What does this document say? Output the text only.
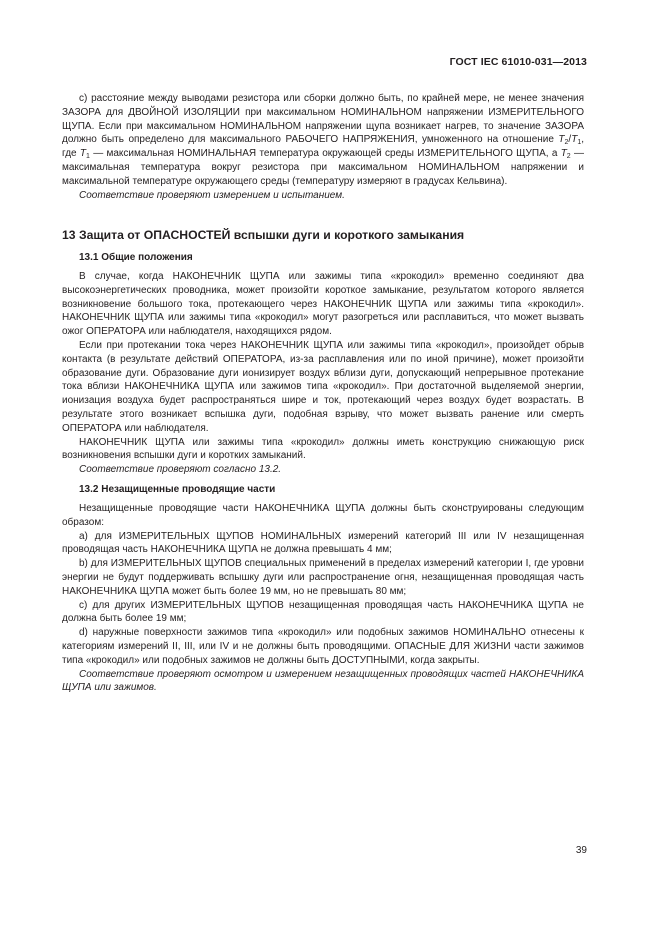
ГОСТ IEC 61010-031—2013

c) расстояние между выводами резистора или сборки должно быть, по крайней мере, не менее значения ЗАЗОРА для ДВОЙНОЙ ИЗОЛЯЦИИ при максимальном НОМИНАЛЬНОМ напряжении ИЗМЕРИТЕЛЬНОГО ЩУПА. Если при максимальном НОМИНАЛЬНОМ напряжении щупа возникает нагрев, то значение ЗАЗОРА должно быть определено для максимального РАБОЧЕГО НАПРЯЖЕНИЯ, умноженного на отношение $T_2/T_1$, где $T_1$ — максимальная НОМИНАЛЬНАЯ температура окружающей среды ИЗМЕРИТЕЛЬНОГО ЩУПА, а $T_2$ — максимальная температура вокруг резистора при максимальном НОМИНАЛЬНОМ напряжении и максимальной температуре окружающего среды (температуру измеряют в градусах Кельвина).

Соответствие проверяют измерением и испытанием.

13 Защита от ОПАСНОСТЕЙ вспышки дуги и короткого замыкания
13.1 Общие положения

В случае, когда НАКОНЕЧНИК ЩУПА или зажимы типа «крокодил» временно соединяют два высокоэнергетических проводника, может произойти короткое замыкание, результатом которого является возникновение большого тока, протекающего через НАКОНЕЧНИК ЩУПА или зажимы типа «крокодил». НАКОНЕЧНИК ЩУПА или зажимы типа «крокодил» могут разогреться или расплавиться, что может вызвать ожог ОПЕРАТОРА или наблюдателя, находящихся рядом.

Если при протекании тока через НАКОНЕЧНИК ЩУПА или зажимы типа «крокодил», произойдет обрыв контакта (в результате действий ОПЕРАТОРА, из-за расплавления или по иной причине), может произойти образование дуги. Образование дуги ионизирует воздух вблизи дуги, допускающий непрерывное протекание тока вблизи НАКОНЕЧНИКА ЩУПА или зажимов типа «крокодил». При достаточной выделяемой энергии, ионизация воздуха будет распространяться шире и ток, протекающий через воздух будет возрастать. В результате этого возникает вспышка дуги, подобная взрыву, что может вызвать ранение или смерть ОПЕРАТОРА или наблюдателя.

НАКОНЕЧНИК ЩУПА или зажимы типа «крокодил» должны иметь конструкцию снижающую риск возникновения вспышки дуги и коротких замыканий.

Соответствие проверяют согласно 13.2.

13.2 Незащищенные проводящие части

Незащищенные проводящие части НАКОНЕЧНИКА ЩУПА должны быть сконструированы следующим образом:

а) для ИЗМЕРИТЕЛЬНЫХ ЩУПОВ НОМИНАЛЬНЫХ измерений категорий III или IV незащищенная проводящая часть НАКОНЕЧНИКА ЩУПА не должна превышать 4 мм;

b) для ИЗМЕРИТЕЛЬНЫХ ЩУПОВ специальных применений в пределах измерений категории I, где уровни энергии не будут поддерживать вспышку дуги или распространение огня, незащищенная проводящая часть НАКОНЕЧНИКА ЩУПА может быть более 19 мм, но не превышать 80 мм;

c) для других ИЗМЕРИТЕЛЬНЫХ ЩУПОВ незащищенная проводящая часть НАКОНЕЧНИКА ЩУПА не должна быть более 19 мм;

d) наружные поверхности зажимов типа «крокодил» или подобных зажимов НОМИНАЛЬНО отнесены к категориям измерений II, III, или IV и не должны быть проводящими. ОПАСНЫЕ ДЛЯ ЖИЗНИ части зажимов типа «крокодил» или подобных зажимов не должны быть ДОСТУПНЫМИ, когда закрыты.

Соответствие проверяют осмотром и измерением незащищенных проводящих частей НАКОНЕЧНИКА ЩУПА или зажимов.

39
